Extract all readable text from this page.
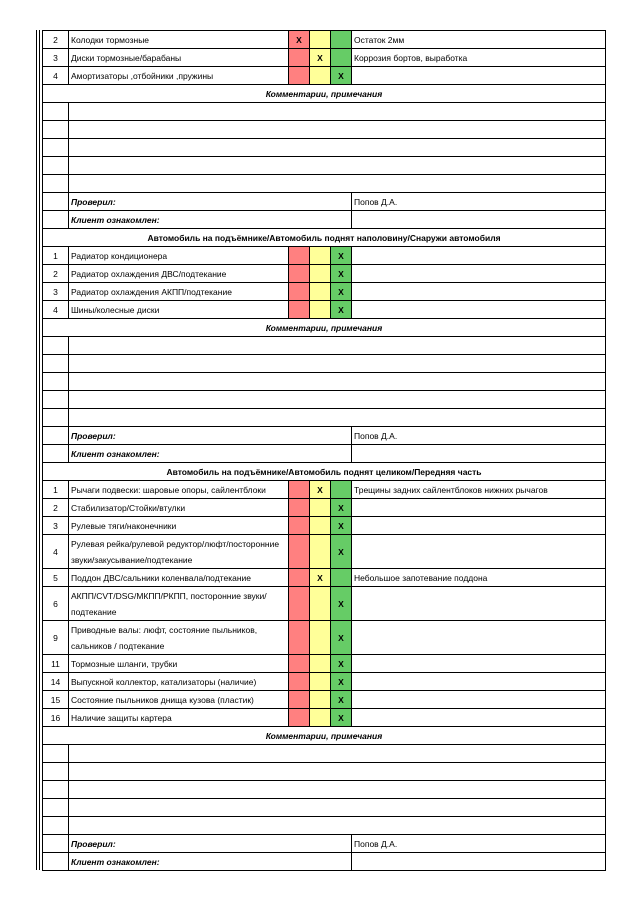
2	Колодки тормозные	X			Остаток 2мм
3	Диски тормозные/барабаны		X		Коррозия бортов, выработка
4	Амортизаторы ,отбойники ,пружины			X	
Комментарии, примечания					

	Проверил:				Попов Д.А.
	Клиент ознакомлен:				
Автомобиль на подъёмнике/Автомобиль поднят наполовину/Снаружи автомобиля					
1	Радиатор кондиционера			X	
2	Радиатор охлаждения ДВС/подтекание			X	
3	Радиатор охлаждения АКПП/подтекание			X	
4	Шины/колесные диски			X	
Комментарии, примечания					

	Проверил:				Попов Д.А.
	Клиент ознакомлен:				
Автомобиль на подъёмнике/Автомобиль поднят целиком/Передняя часть					
1	Рычаги подвески: шаровые опоры, сайлентблоки		X		Трещины задних сайлентблоков нижних рычагов
2	Стабилизатор/Стойки/втулки			X	
3	Рулевые тяги/наконечники			X	
4	Рулевая рейка/рулевой редуктор/люфт/посторонние звуки/закусывание/подтекание			X	
5	Поддон ДВС/сальники коленвала/подтекание		X		Небольшое запотевание поддона
6	АКПП/CVT/DSG/МКПП/РКПП, посторонние звуки/ подтекание			X	
9	Приводные валы: люфт, состояние пыльников, сальников / подтекание			X	
11	Тормозные шланги, трубки			X	
14	Выпускной коллектор, катализаторы (наличие)			X	
15	Состояние пыльников днища кузова (пластик)			X	
16	Наличие защиты картера			X	
Комментарии, примечания					

	Проверил:				Попов Д.А.
	Клиент ознакомлен:				
